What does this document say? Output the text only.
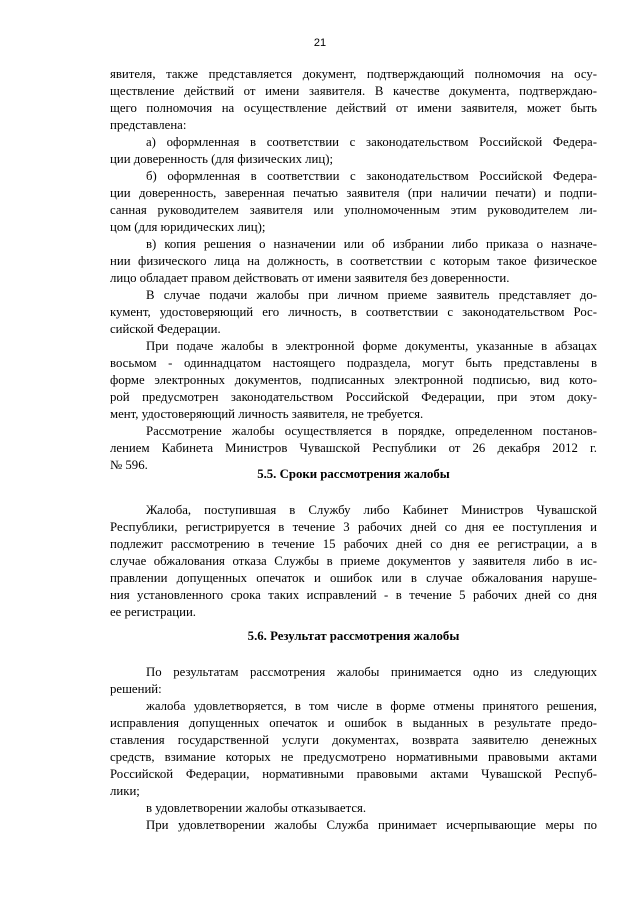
21

явителя, также представляется документ, подтверждающий полномочия на осу-

ществление действий от имени заявителя. В качестве документа, подтверждаю-

щего полномочия на осуществление действий от имени заявителя, может быть

представлена:

а) оформленная в соответствии с законодательством Российской Федера-

ции доверенность (для физических лиц);

б) оформленная в соответствии с законодательством Российской Федера-

ции доверенность, заверенная печатью заявителя (при наличии печати) и подпи-

санная руководителем заявителя или уполномоченным этим руководителем ли-

цом (для юридических лиц);

в) копия решения о назначении или об избрании либо приказа о назначе-

нии физического лица на должность, в соответствии с которым такое физическое

лицо обладает правом действовать от имени заявителя без доверенности.

В случае подачи жалобы при личном приеме заявитель представляет до-

кумент, удостоверяющий его личность, в соответствии с законодательством Рос-

сийской Федерации.

При подаче жалобы в электронной форме документы, указанные в абзацах

восьмом - одиннадцатом настоящего подраздела, могут быть представлены в

форме электронных документов, подписанных электронной подписью, вид кото-

рой предусмотрен законодательством Российской Федерации, при этом доку-

мент, удостоверяющий личность заявителя, не требуется.

Рассмотрение жалобы осуществляется в порядке, определенном постанов-

лением Кабинета Министров Чувашской Республики от 26 декабря 2012 г.

№ 596.

5.5. Сроки рассмотрения жалобы

Жалоба, поступившая в Службу либо Кабинет Министров Чувашской

Республики, регистрируется в течение 3 рабочих дней со дня ее поступления и

подлежит рассмотрению в течение 15 рабочих дней со дня ее регистрации, а в

случае обжалования отказа Службы в приеме документов у заявителя либо в ис-

правлении допущенных опечаток и ошибок или в случае обжалования наруше-

ния установленного срока таких исправлений - в течение 5 рабочих дней со дня

ее регистрации.

5.6. Результат рассмотрения жалобы

По результатам рассмотрения жалобы принимается одно из следующих

решений:

жалоба удовлетворяется, в том числе в форме отмены принятого решения,

исправления допущенных опечаток и ошибок в выданных в результате предо-

ставления государственной услуги документах, возврата заявителю денежных

средств, взимание которых не предусмотрено нормативными правовыми актами

Российской Федерации, нормативными правовыми актами Чувашской Респуб-

лики;

в удовлетворении жалобы отказывается.

При удовлетворении жалобы Служба принимает исчерпывающие меры по
